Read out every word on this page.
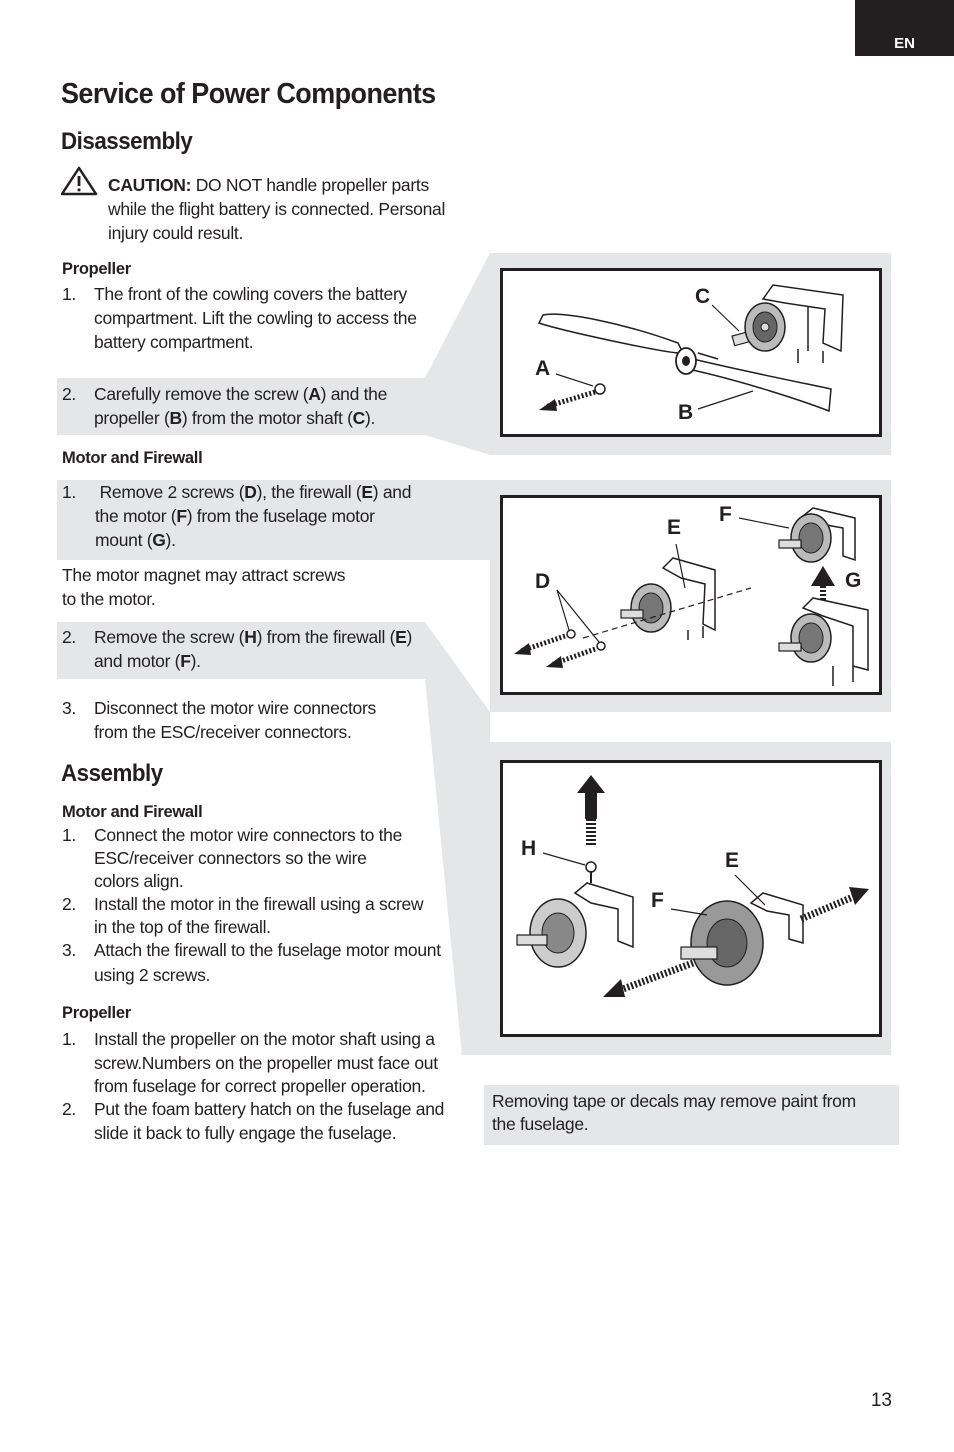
EN
Service of Power Components
Disassembly
CAUTION: DO NOT handle propeller parts
while the flight battery is connected. Personal
injury could result.
Propeller
1. The front of the cowling covers the battery
compartment. Lift the cowling to access the
battery compartment.
2. Carefully remove the screw (A) and the
propeller (B) from the motor shaft (C).
Motor and Firewall
1. Remove 2 screws (D), the firewall (E) and
the motor (F) from the fuselage motor
mount (G).
The motor magnet may attract screws
to the motor.
2. Remove the screw (H) from the firewall (E)
and motor (F).
3. Disconnect the motor wire connectors
from the ESC/receiver connectors.
Assembly
Motor and Firewall
1. Connect the motor wire connectors to the
ESC/receiver connectors so the wire
colors align.
2. Install the motor in the firewall using a screw
in the top of the firewall.
3. Attach the firewall to the fuselage motor mount
using 2 screws.
Propeller
1. Install the propeller on the motor shaft using a
screw.Numbers on the propeller must face out
from fuselage for correct propeller operation.
2. Put the foam battery hatch on the fuselage and
slide it back to fully engage the fuselage.
C
A
B
E
F
D	G
H
E
F
Removing tape or decals may remove paint from
the fuselage.
13
